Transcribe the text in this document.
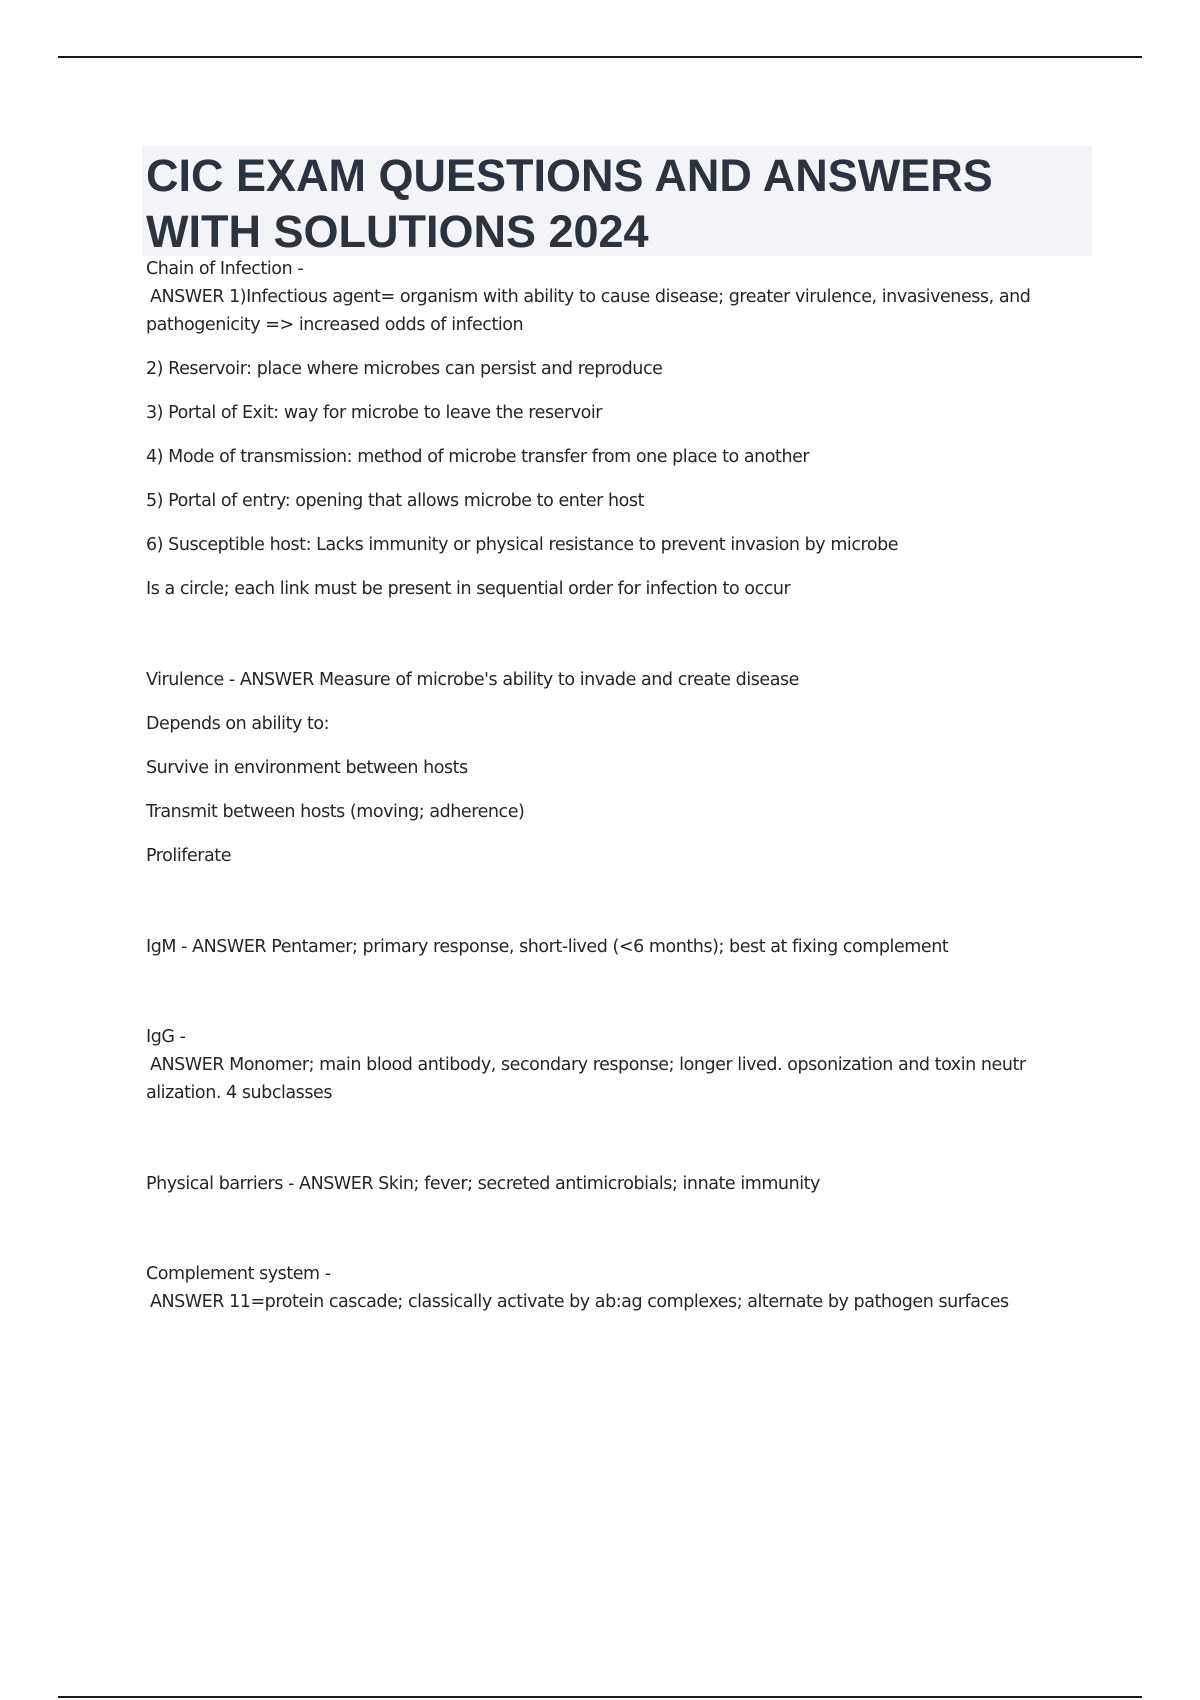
CIC EXAM QUESTIONS AND ANSWERS
WITH SOLUTIONS 2024

Chain of Infection -

ANSWER 1)Infectious agent= organism with ability to cause disease; greater virulence, invasiveness, and

pathogenicity => increased odds of infection

2) Reservoir: place where microbes can persist and reproduce

3) Portal of Exit: way for microbe to leave the reservoir

4) Mode of transmission: method of microbe transfer from one place to another

5) Portal of entry: opening that allows microbe to enter host

6) Susceptible host: Lacks immunity or physical resistance to prevent invasion by microbe

Is a circle; each link must be present in sequential order for infection to occur

Virulence - ANSWER Measure of microbe's ability to invade and create disease

Depends on ability to:

Survive in environment between hosts

Transmit between hosts (moving; adherence)

Proliferate

IgM - ANSWER Pentamer; primary response, short-lived (<6 months); best at fixing complement

IgG -

ANSWER Monomer; main blood antibody, secondary response; longer lived. opsonization and toxin neutr

alization. 4 subclasses

Physical barriers - ANSWER Skin; fever; secreted antimicrobials; innate immunity

Complement system -

ANSWER 11=protein cascade; classically activate by ab:ag complexes; alternate by pathogen surfaces
